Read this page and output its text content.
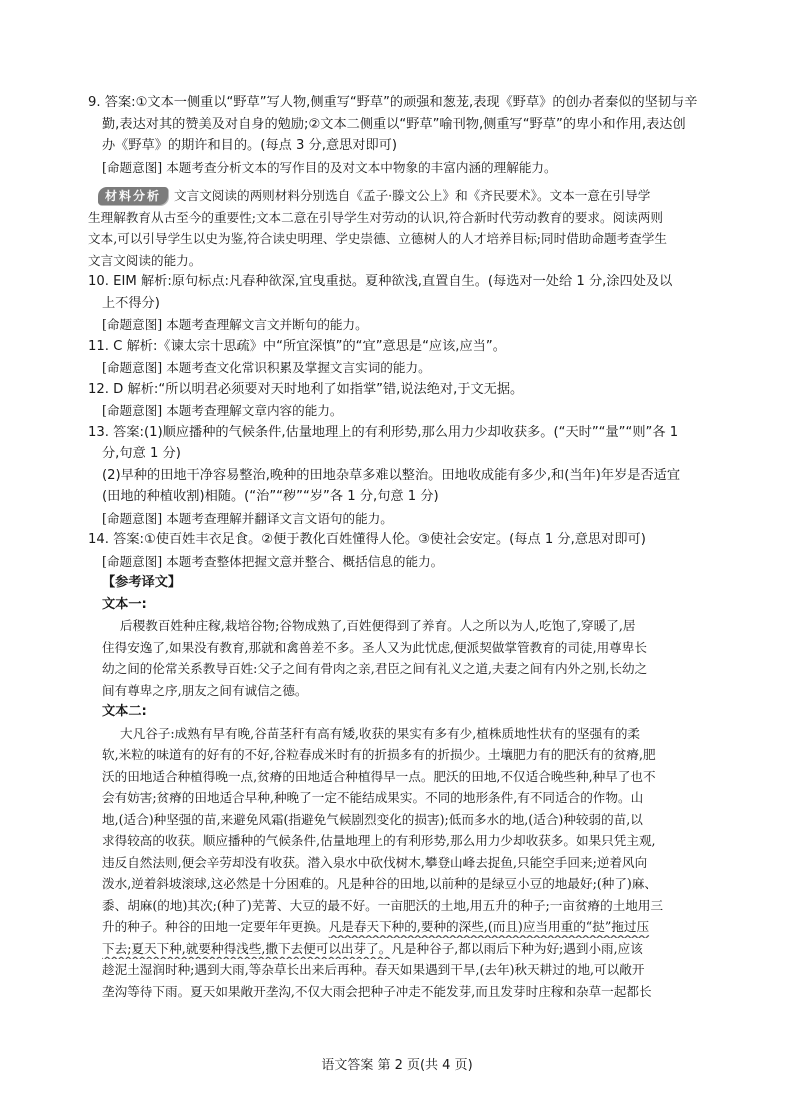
9. 答案:①文本一侧重以“野草”写人物,侧重写“野草”的顽强和葱茏,表现《野草》的创办者秦似的坚韧与辛
勤,表达对其的赞美及对自身的勉励;②文本二侧重以“野草”喻刊物,侧重写“野草”的卑小和作用,表达创
办《野草》的期许和目的。(每点 3 分,意思对即可)
[命题意图] 本题考查分析文本的写作目的及对文本中物象的丰富内涵的理解能力。
材料分析 文言文阅读的两则材料分别选自《孟子·滕文公上》和《齐民要术》。文本一意在引导学
生理解教育从古至今的重要性;文本二意在引导学生对劳动的认识,符合新时代劳动教育的要求。阅读两则
文本,可以引导学生以史为鉴,符合读史明理、学史崇德、立德树人的人才培养目标;同时借助命题考查学生
文言文阅读的能力。
10. EIM 解析:原句标点:凡春种欲深,宜曳重挞。夏种欲浅,直置自生。(每选对一处给 1 分,涂四处及以
上不得分)
[命题意图] 本题考查理解文言文并断句的能力。
11. C 解析:《谏太宗十思疏》中“所宜深慎”的“宜”意思是“应该,应当”。
[命题意图] 本题考查文化常识积累及掌握文言实词的能力。
12. D 解析:“所以明君必须要对天时地利了如指掌”错,说法绝对,于文无据。
[命题意图] 本题考查理解文章内容的能力。
13. 答案:(1)顺应播种的气候条件,估量地理上的有利形势,那么用力少却收获多。(“天时”“量”“则”各 1
分,句意 1 分)
(2)早种的田地干净容易整治,晚种的田地杂草多难以整治。田地收成能有多少,和(当年)年岁是否适宜
(田地的种植收割)相随。(“治”“秽”“岁”各 1 分,句意 1 分)
[命题意图] 本题考查理解并翻译文言文语句的能力。
14. 答案:①使百姓丰衣足食。②便于教化百姓懂得人伦。③使社会安定。(每点 1 分,意思对即可)
[命题意图] 本题考查整体把握文意并整合、概括信息的能力。
【参考译文】
文本一:
后稷教百姓种庄稼,栽培谷物;谷物成熟了,百姓便得到了养育。人之所以为人,吃饱了,穿暖了,居
住得安逸了,如果没有教育,那就和禽兽差不多。圣人又为此忧虑,便派契做掌管教育的司徒,用尊卑长
幼之间的伦常关系教导百姓:父子之间有骨肉之亲,君臣之间有礼义之道,夫妻之间有内外之别,长幼之
间有尊卑之序,朋友之间有诚信之德。
文本二:
大凡谷子:成熟有早有晚,谷苗茎秆有高有矮,收获的果实有多有少,植株质地性状有的坚强有的柔
软,米粒的味道有的好有的不好,谷粒春成米时有的折损多有的折损少。土壤肥力有的肥沃有的贫瘠,肥
沃的田地适合种植得晚一点,贫瘠的田地适合种植得早一点。肥沃的田地,不仅适合晚些种,种早了也不
会有妨害;贫瘠的田地适合早种,种晚了一定不能结成果实。不同的地形条件,有不同适合的作物。山
地,(适合)种坚强的苗,来避免风霜(指避免气候剧烈变化的损害);低而多水的地,(适合)种较弱的苗,以
求得较高的收获。顺应播种的气候条件,估量地理上的有利形势,那么用力少却收获多。如果只凭主观,
违反自然法则,便会辛劳却没有收获。潜入泉水中砍伐树木,攀登山峰去捉鱼,只能空手回来;逆着风向
泼水,逆着斜坡滚球,这必然是十分困难的。凡是种谷的田地,以前种的是绿豆小豆的地最好;(种了)麻、
黍、胡麻(的地)其次;(种了)芜菁、大豆的最不好。一亩肥沃的土地,用五升的种子;一亩贫瘠的土地用三
升的种子。种谷的田地一定要年年更换。凡是春天下种的,要种的深些,(而且)应当用重的“挞”拖过压
下去;夏天下种,就要种得浅些,撒下去便可以出芽了。凡是种谷子,都以雨后下种为好;遇到小雨,应该
趁泥土湿润时种;遇到大雨,等杂草长出来后再种。春天如果遇到干旱,(去年)秋天耕过的地,可以敞开
垄沟等待下雨。夏天如果敞开垄沟,不仅大雨会把种子冲走不能发芽,而且发芽时庄稼和杂草一起都长
语文答案 第 2 页(共 4 页)
